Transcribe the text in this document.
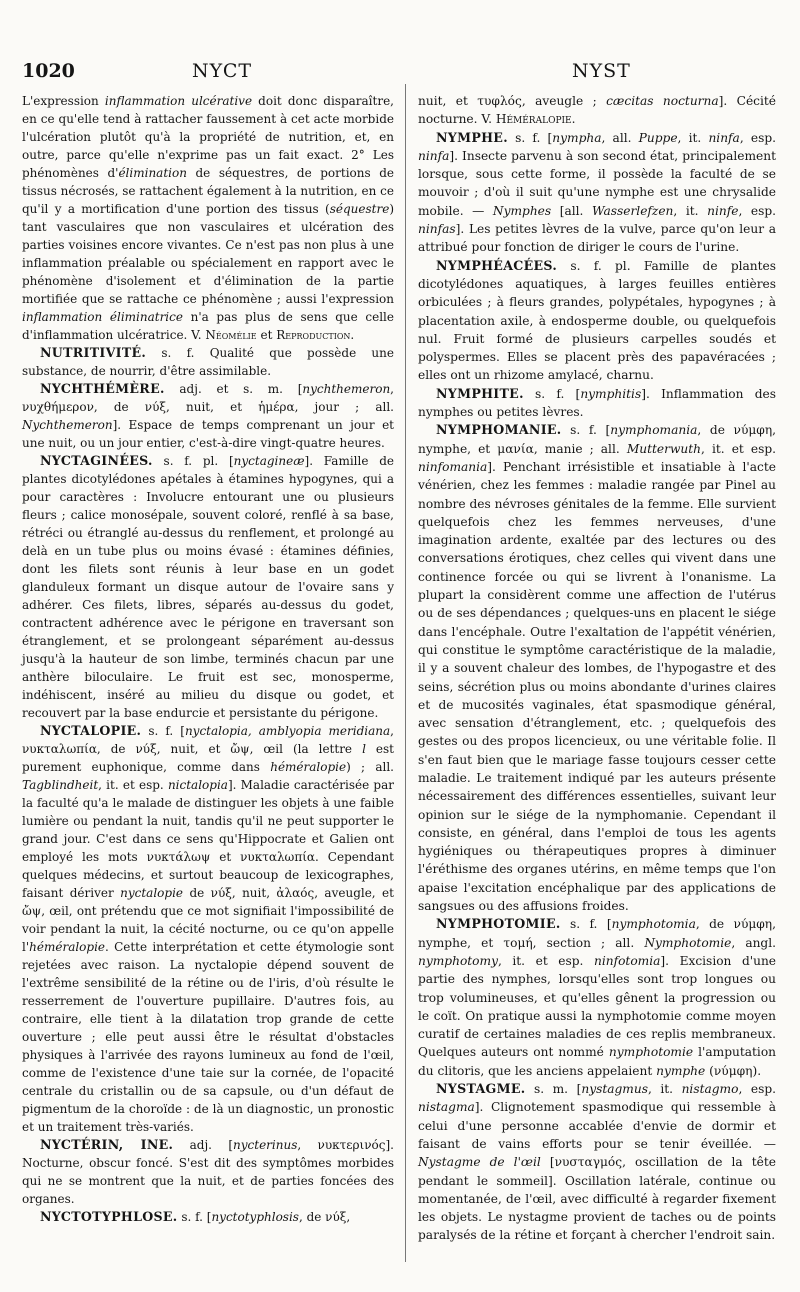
1020	NYCT	NYST

L'expression inflammation ulcérative doit donc disparaître, en ce qu'elle tend à rattacher faussement à cet acte morbide l'ulcération plutôt qu'à la propriété de nutrition, et, en outre, parce qu'elle n'exprime pas un fait exact. 2° Les phénomènes d'élimination de séquestres, de portions de tissus nécrosés, se rattachent également à la nutrition, en ce qu'il y a mortification d'une portion des tissus (séquestre) tant vasculaires que non vasculaires et ulcération des parties voisines encore vivantes. Ce n'est pas non plus à une inflammation préalable ou spécialement en rapport avec le phénomène d'isolement et d'élimination de la partie mortifiée que se rattache ce phénomène ; aussi l'expression inflammation éliminatrice n'a pas plus de sens que celle d'inflammation ulcératrice. V. Néomélie et Reproduction.

NUTRITIVITÉ. s. f. Qualité que possède une substance, de nourrir, d'être assimilable.

NYCHTHÉMÈRE. adj. et s. m. [nychthemeron, νυχθήμερον, de νύξ, nuit, et ἡμέρα, jour ; all. Nychthemeron]. Espace de temps comprenant un jour et une nuit, ou un jour entier, c'est-à-dire vingt-quatre heures.

NYCTAGINÉES. s. f. pl. [nyctagineæ]. Famille de plantes dicotylédones apétales à étamines hypogynes, qui a pour caractères : Involucre entourant une ou plusieurs fleurs ; calice monosépale, souvent coloré, renflé à sa base, rétréci ou étranglé au-dessus du renflement, et prolongé au delà en un tube plus ou moins évasé : étamines définies, dont les filets sont réunis à leur base en un godet glanduleux formant un disque autour de l'ovaire sans y adhérer. Ces filets, libres, séparés au-dessus du godet, contractent adhérence avec le périgone en traversant son étranglement, et se prolongeant séparément au-dessus jusqu'à la hauteur de son limbe, terminés chacun par une anthère biloculaire. Le fruit est sec, monosperme, indéhiscent, inséré au milieu du disque ou godet, et recouvert par la base endurcie et persistante du périgone.

NYCTALOPIE. s. f. [nyctalopia, amblyopia meridiana, νυκταλωπία, de νύξ, nuit, et ὤψ, œil (la lettre l est purement euphonique, comme dans héméralopie) ; all. Tagblindheit, it. et esp. nictalopia]. Maladie caractérisée par la faculté qu'a le malade de distinguer les objets à une faible lumière ou pendant la nuit, tandis qu'il ne peut supporter le grand jour. C'est dans ce sens qu'Hippocrate et Galien ont employé les mots νυκτάλωψ et νυκταλωπία. Cependant quelques médecins, et surtout beaucoup de lexicographes, faisant dériver nyctalopie de νύξ, nuit, ἀλαός, aveugle, et ὤψ, œil, ont prétendu que ce mot signifiait l'impossibilité de voir pendant la nuit, la cécité nocturne, ou ce qu'on appelle l'héméralopie. Cette interprétation et cette étymologie sont rejetées avec raison. La nyctalopie dépend souvent de l'extrême sensibilité de la rétine ou de l'iris, d'où résulte le resserrement de l'ouverture pupillaire. D'autres fois, au contraire, elle tient à la dilatation trop grande de cette ouverture ; elle peut aussi être le résultat d'obstacles physiques à l'arrivée des rayons lumineux au fond de l'œil, comme de l'existence d'une taie sur la cornée, de l'opacité centrale du cristallin ou de sa capsule, ou d'un défaut de pigmentum de la choroïde : de là un diagnostic, un pronostic et un traitement très-variés.

NYCTÉRIN, INE. adj. [nycterinus, νυκτερινός]. Nocturne, obscur foncé. S'est dit des symptômes morbides qui ne se montrent que la nuit, et de parties foncées des organes.

NYCTOTYPHLOSE. s. f. [nyctotyphlosis, de νύξ,

nuit, et τυφλός, aveugle ; cæcitas nocturna]. Cécité nocturne. V. Héméralopie.

NYMPHE. s. f. [nympha, all. Puppe, it. ninfa, esp. ninfa]. Insecte parvenu à son second état, principalement lorsque, sous cette forme, il possède la faculté de se mouvoir ; d'où il suit qu'une nymphe est une chrysalide mobile. — Nymphes [all. Wasserlefzen, it. ninfe, esp. ninfas]. Les petites lèvres de la vulve, parce qu'on leur a attribué pour fonction de diriger le cours de l'urine.

NYMPHÉACÉES. s. f. pl. Famille de plantes dicotylédones aquatiques, à larges feuilles entières orbiculées ; à fleurs grandes, polypétales, hypogynes ; à placentation axile, à endosperme double, ou quelquefois nul. Fruit formé de plusieurs carpelles soudés et polyspermes. Elles se placent près des papavéracées ; elles ont un rhizome amylacé, charnu.

NYMPHITE. s. f. [nymphitis]. Inflammation des nymphes ou petites lèvres.

NYMPHOMANIE. s. f. [nymphomania, de νύμφη, nymphe, et μανία, manie ; all. Mutterwuth, it. et esp. ninfomania]. Penchant irrésistible et insatiable à l'acte vénérien, chez les femmes : maladie rangée par Pinel au nombre des névroses génitales de la femme. Elle survient quelquefois chez les femmes nerveuses, d'une imagination ardente, exaltée par des lectures ou des conversations érotiques, chez celles qui vivent dans une continence forcée ou qui se livrent à l'onanisme. La plupart la considèrent comme une affection de l'utérus ou de ses dépendances ; quelques-uns en placent le siége dans l'encéphale. Outre l'exaltation de l'appétit vénérien, qui constitue le symptôme caractéristique de la maladie, il y a souvent chaleur des lombes, de l'hypogastre et des seins, sécrétion plus ou moins abondante d'urines claires et de mucosités vaginales, état spasmodique général, avec sensation d'étranglement, etc. ; quelquefois des gestes ou des propos licencieux, ou une véritable folie. Il s'en faut bien que le mariage fasse toujours cesser cette maladie. Le traitement indiqué par les auteurs présente nécessairement des différences essentielles, suivant leur opinion sur le siége de la nymphomanie. Cependant il consiste, en général, dans l'emploi de tous les agents hygiéniques ou thérapeutiques propres à diminuer l'éréthisme des organes utérins, en même temps que l'on apaise l'excitation encéphalique par des applications de sangsues ou des affusions froides.

NYMPHOTOMIE. s. f. [nymphotomia, de νύμφη, nymphe, et τομή, section ; all. Nymphotomie, angl. nymphotomy, it. et esp. ninfotomia]. Excision d'une partie des nymphes, lorsqu'elles sont trop longues ou trop volumineuses, et qu'elles gênent la progression ou le coït. On pratique aussi la nymphotomie comme moyen curatif de certaines maladies de ces replis membraneux. Quelques auteurs ont nommé nymphotomie l'amputation du clitoris, que les anciens appelaient nymphe (νύμφη).

NYSTAGME. s. m. [nystagmus, it. nistagmo, esp. nistagma]. Clignotement spasmodique qui ressemble à celui d'une personne accablée d'envie de dormir et faisant de vains efforts pour se tenir éveillée. — Nystagme de l'œil [νυσταγμός, oscillation de la tête pendant le sommeil]. Oscillation latérale, continue ou momentanée, de l'œil, avec difficulté à regarder fixement les objets. Le nystagme provient de taches ou de points paralysés de la rétine et forçant à chercher l'endroit sain.
